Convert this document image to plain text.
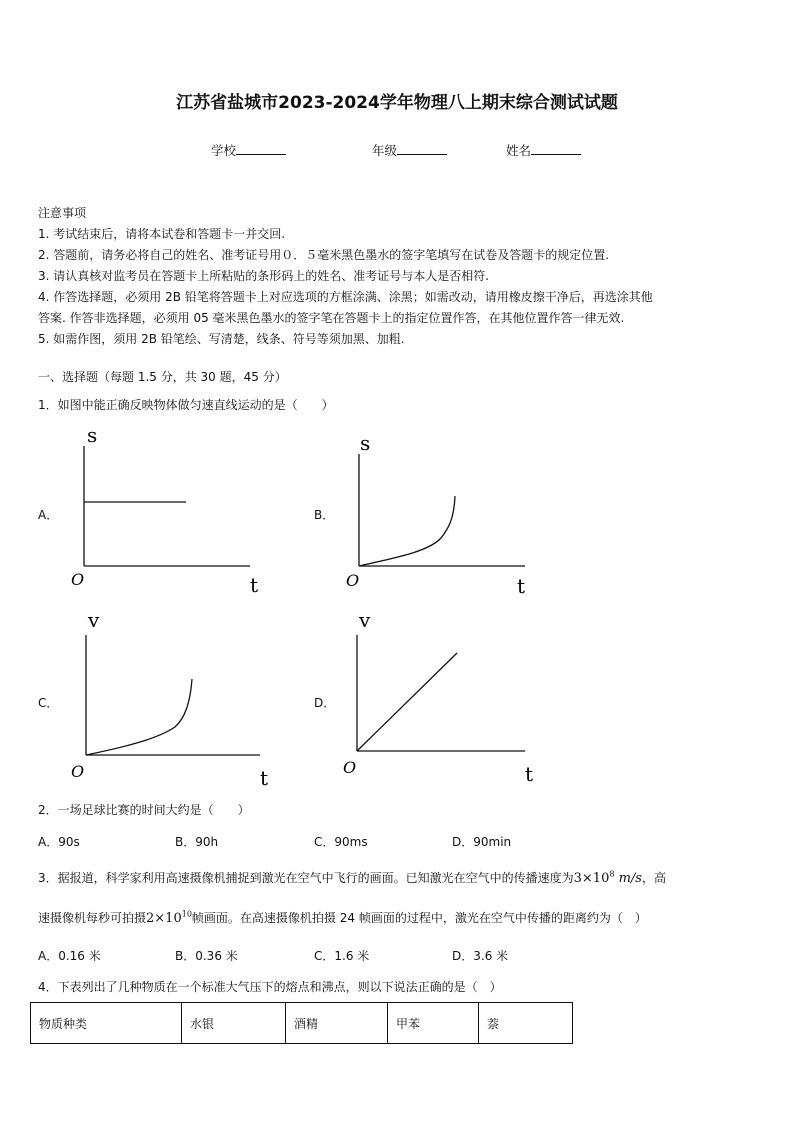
江苏省盐城市2023-2024学年物理八上期末综合测试试题
学校	年级	姓名
注意事项
1. 考试结束后，请将本试卷和答题卡一并交回.
2. 答题前，请务必将自己的姓名、准考证号用０．５毫米黑色墨水的签字笔填写在试卷及答题卡的规定位置.
3. 请认真核对监考员在答题卡上所粘贴的条形码上的姓名、准考证号与本人是否相符.
4. 作答选择题，必须用 2B 铅笔将答题卡上对应选项的方框涂满、涂黑；如需改动，请用橡皮擦干净后，再选涂其他
答案. 作答非选择题，必须用 05 毫米黑色墨水的签字笔在答题卡上的指定位置作答，在其他位置作答一律无效.
5. 如需作图，须用 2B 铅笔绘、写清楚，线条、符号等须加黑、加粗.
一、选择题（每题 1.5 分，共 30 题，45 分）
1．如图中能正确反映物体做匀速直线运动的是（　　）
A．
s
t
O
B．
s
t
O
C．
v
t
O
D．
v
t
O
2．一场足球比赛的时间大约是（　　）
A．90s	B．90h	C．90ms	D．90min
3．据报道，科学家利用高速摄像机捕捉到激光在空气中飞行的画面。已知激光在空气中的传播速度为$3\times 10^8$ m/s，高
速摄像机每秒可拍摄$2\times 10^{10}$帧画面。在高速摄像机拍摄 24 帧画面的过程中，激光在空气中传播的距离约为（　）
A．0.16 米	B．0.36 米	C．1.6 米	D．3.6 米
4．下表列出了几种物质在一个标准大气压下的熔点和沸点，则以下说法正确的是（　）
物质种类	水银	酒精	甲苯	萘
